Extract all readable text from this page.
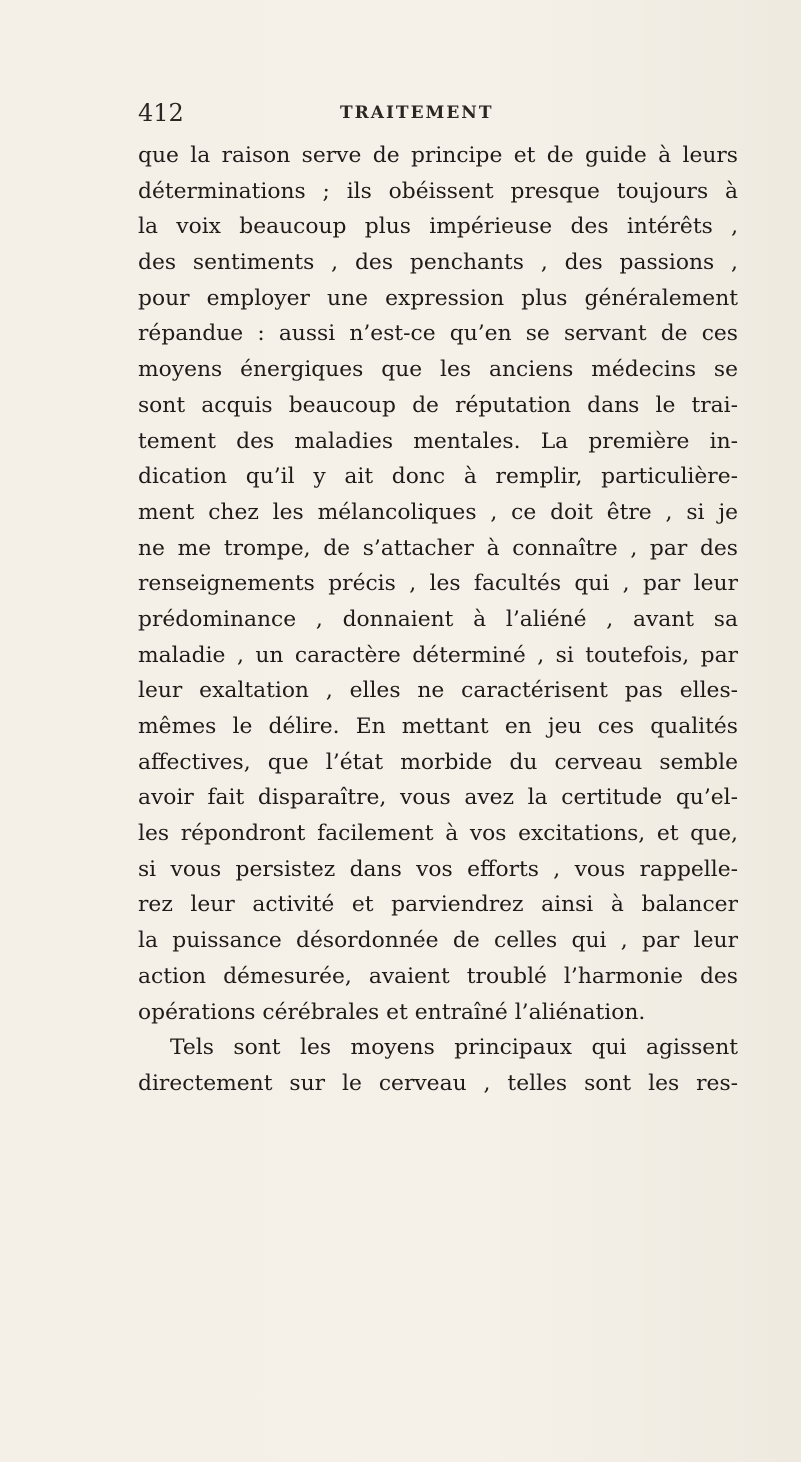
412	TRAITEMENT
que la raison serve de principe et de guide à leurs
déterminations ; ils obéissent presque toujours à
la voix beaucoup plus impérieuse des intérêts ,
des sentiments , des penchants , des passions ,
pour employer une expression plus généralement
répandue : aussi n’est-ce qu’en se servant de ces
moyens énergiques que les anciens médecins se
sont acquis beaucoup de réputation dans le trai-
tement des maladies mentales. La première in-
dication qu’il y ait donc à remplir, particulière-
ment chez les mélancoliques , ce doit être , si je
ne me trompe, de s’attacher à connaître , par des
renseignements précis , les facultés qui , par leur
prédominance , donnaient à l’aliéné , avant sa
maladie , un caractère déterminé , si toutefois, par
leur exaltation , elles ne caractérisent pas elles-
mêmes le délire. En mettant en jeu ces qualités
affectives, que l’état morbide du cerveau semble
avoir fait disparaître, vous avez la certitude qu’el-
les répondront facilement à vos excitations, et que,
si vous persistez dans vos efforts , vous rappelle-
rez leur activité et parviendrez ainsi à balancer
la puissance désordonnée de celles qui , par leur
action démesurée, avaient troublé l’harmonie des
opérations cérébrales et entraîné l’aliénation.
Tels sont les moyens principaux qui agissent
directement sur le cerveau , telles sont les res-
